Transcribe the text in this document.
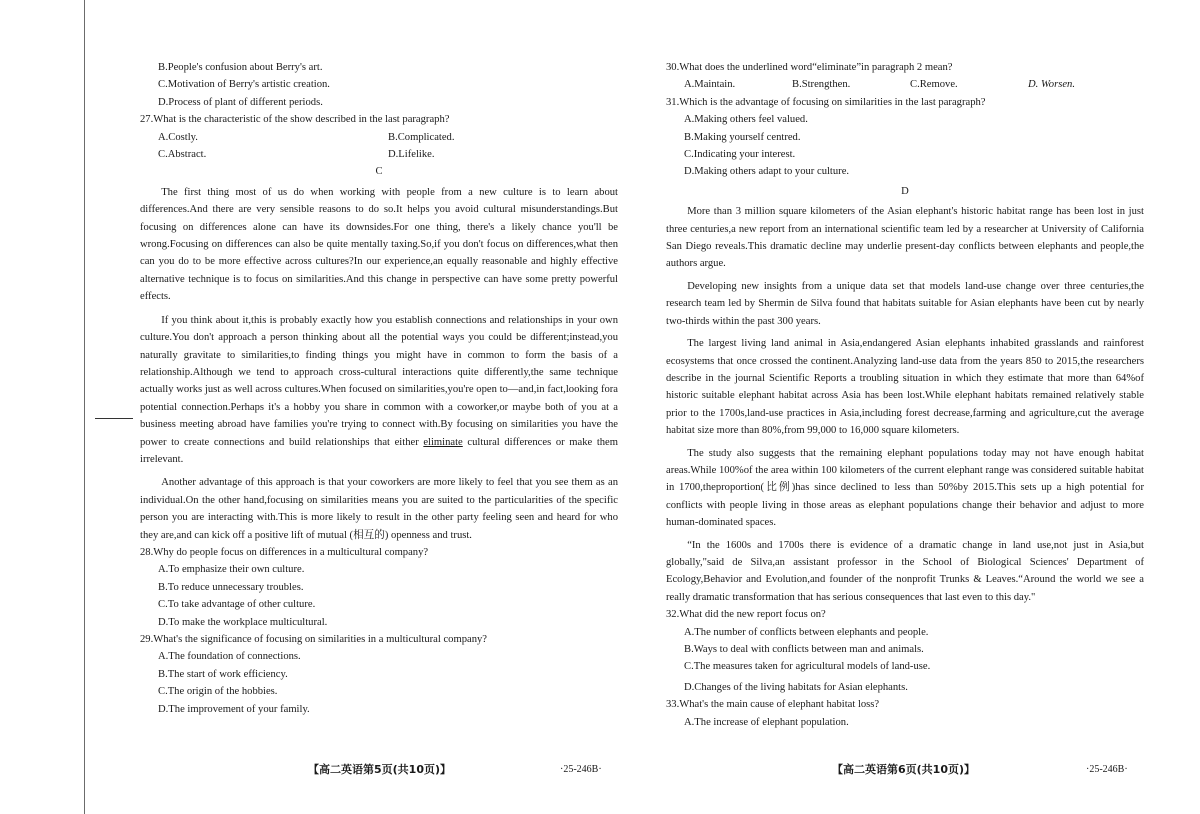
B.People's confusion about Berry's art.
C.Motivation of Berry's artistic creation.
D.Process of plant of different periods.
27.What is the characteristic of the show described in the last paragraph?
A.Costly.	B.Complicated.
C.Abstract.	D.Lifelike.
C

The first thing most of us do when working with people from a new culture is to learn about differences.And there are very sensible reasons to do so.It helps you avoid cultural misunderstandings.But focusing on differences alone can have its downsides.For one thing, there's a likely chance you'll be wrong.Focusing on differences can also be quite mentally taxing.So,if you don't focus on differences,what then can you do to be more effective across cultures?In our experience,an equally reasonable and highly effective alternative technique is to focus on similarities.And this change in perspective can have some pretty powerful effects.

If you think about it,this is probably exactly how you establish connections and relationships in your own culture.You don't approach a person thinking about all the potential ways you could be different;instead,you naturally gravitate to similarities,to finding things you might have in common to form the basis of a relationship.Although we tend to approach cross-cultural interactions quite differently,the same technique actually works just as well across cultures.When focused on similarities,you're open to—and,in fact,looking fora potential connection.Perhaps it's a hobby you share in common with a coworker,or maybe both of you at a business meeting abroad have families you're trying to connect with.By focusing on similarities you have the power to create connections and build relationships that either eliminate cultural differences or make them irrelevant.

Another advantage of this approach is that your coworkers are more likely to feel that you see them as an individual.On the other hand,focusing on similarities means you are suited to the particularities of the specific person you are interacting with.This is more likely to result in the other party feeling seen and heard for who they are,and can kick off a positive lift of mutual (相互的) openness and trust.

28.Why do people focus on differences in a multicultural company?
A.To emphasize their own culture.
B.To reduce unnecessary troubles.
C.To take advantage of other culture.
D.To make the workplace multicultural.
29.What's the significance of focusing on similarities in a multicultural company?
A.The foundation of connections.
B.The start of work efficiency.
C.The origin of the hobbies.
D.The improvement of your family.
【高二英语第5页(共10页)】	·25-246B·
30.What does the underlined word“eliminate”in paragraph 2 mean?
A.Maintain.	B.Strengthen.	C.Remove.	D. Worsen.
31.Which is the advantage of focusing on similarities in the last paragraph?
A.Making others feel valued.
B.Making yourself centred.
C.Indicating your interest.
D.Making others adapt to your culture.
D

More than 3 million square kilometers of the Asian elephant's historic habitat range has been lost in just three centuries,a new report from an international scientific team led by a researcher at University of California San Diego reveals.This dramatic decline may underlie present-day conflicts between elephants and people,the authors argue.

Developing new insights from a unique data set that models land-use change over three centuries,the research team led by Shermin de Silva found that habitats suitable for Asian elephants have been cut by nearly two-thirds within the past 300 years.

The largest living land animal in Asia,endangered Asian elephants inhabited grasslands and rainforest ecosystems that once crossed the continent.Analyzing land-use data from the years 850 to 2015,the researchers describe in the journal Scientific Reports a troubling situation in which they estimate that more than 64%of historic suitable elephant habitat across Asia has been lost.While elephant habitats remained relatively stable prior to the 1700s,land-use practices in Asia,including forest decrease,farming and agriculture,cut the average habitat size more than 80%,from 99,000 to 16,000 square kilometers.

The study also suggests that the remaining elephant populations today may not have enough habitat areas.While 100%of the area within 100 kilometers of the current elephant range was considered suitable habitat in 1700,theproportion(比例)has since declined to less than 50%by 2015.This sets up a high potential for conflicts with people living in those areas as elephant populations change their behavior and adjust to more human-dominated spaces.

“In the 1600s and 1700s there is evidence of a dramatic change in land use,not just in Asia,but globally,"said de Silva,an assistant professor in the School of Biological Sciences' Department of Ecology,Behavior and Evolution,and founder of the nonprofit Trunks & Leaves.“Around the world we see a really dramatic transformation that has serious consequences that last even to this day."

32.What did the new report focus on?
A.The number of conflicts between elephants and people.
B.Ways to deal with conflicts between man and animals.
C.The measures taken for agricultural models of land-use.
D.Changes of the living habitats for Asian elephants.
33.What's the main cause of elephant habitat loss?
A.The increase of elephant population.
【高二英语第6页(共10页)】	·25-246B·
